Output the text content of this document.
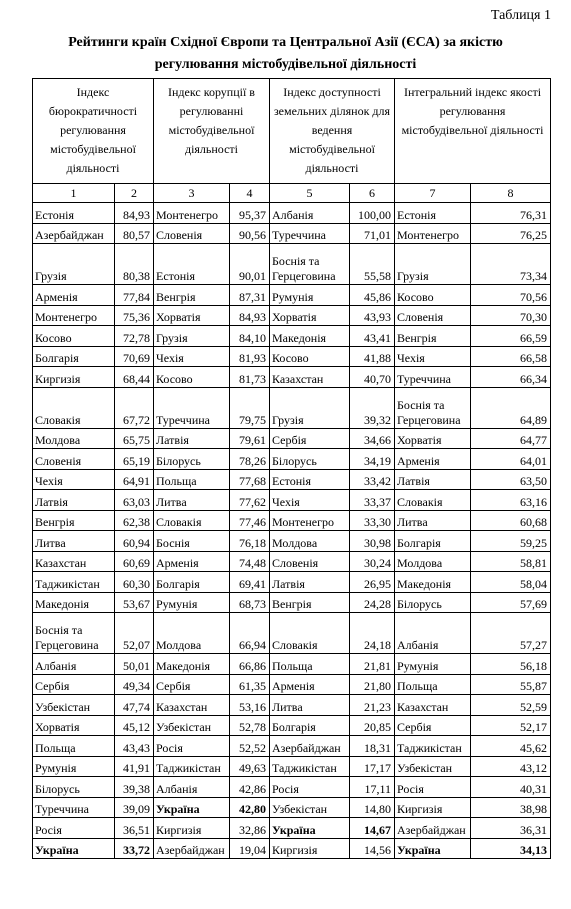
Таблиця 1
Рейтинги країн Східної Європи та Центральної Азії (ЄСА) за якістю
регулювання містобудівельної діяльності
Індекс бюрократичності регулювання містобудівельної діяльності		Індекс корупції в регулюванні містобудівельної діяльності		Індекс доступності земельних ділянок для ведення містобудівельної діяльності		Інтегральний індекс якості регулювання містобудівельної діяльності	
1	2	3	4	5	6	7	8
Естонія	84,93	Монтенегро	95,37	Албанія	100,00	Естонія	76,31
Азербайджан	80,57	Словенія	90,56	Туреччина	71,01	Монтенегро	76,25
Грузія	80,38	Естонія	90,01	Боснія та Герцеговина	55,58	Грузія	73,34
Арменія	77,84	Венгрія	87,31	Румунія	45,86	Косово	70,56
Монтенегро	75,36	Хорватія	84,93	Хорватія	43,93	Словенія	70,30
Косово	72,78	Грузія	84,10	Македонія	43,41	Венгрія	66,59
Болгарія	70,69	Чехія	81,93	Косово	41,88	Чехія	66,58
Киргизія	68,44	Косово	81,73	Казахстан	40,70	Туреччина	66,34
Словакія	67,72	Туреччина	79,75	Грузія	39,32	Боснія та Герцеговина	64,89
Молдова	65,75	Латвія	79,61	Сербія	34,66	Хорватія	64,77
Словенія	65,19	Білорусь	78,26	Білорусь	34,19	Арменія	64,01
Чехія	64,91	Польща	77,68	Естонія	33,42	Латвія	63,50
Латвія	63,03	Литва	77,62	Чехія	33,37	Словакія	63,16
Венгрія	62,38	Словакія	77,46	Монтенегро	33,30	Литва	60,68
Литва	60,94	Боснія	76,18	Молдова	30,98	Болгарія	59,25
Казахстан	60,69	Арменія	74,48	Словенія	30,24	Молдова	58,81
Таджикістан	60,30	Болгарія	69,41	Латвія	26,95	Македонія	58,04
Македонія	53,67	Румунія	68,73	Венгрія	24,28	Білорусь	57,69
Боснія та Герцеговина	52,07	Молдова	66,94	Словакія	24,18	Албанія	57,27
Албанія	50,01	Македонія	66,86	Польща	21,81	Румунія	56,18
Сербія	49,34	Сербія	61,35	Арменія	21,80	Польща	55,87
Узбекістан	47,74	Казахстан	53,16	Литва	21,23	Казахстан	52,59
Хорватія	45,12	Узбекістан	52,78	Болгарія	20,85	Сербія	52,17
Польща	43,43	Росія	52,52	Азербайджан	18,31	Таджикістан	45,62
Румунія	41,91	Таджикістан	49,63	Таджикістан	17,17	Узбекістан	43,12
Білорусь	39,38	Албанія	42,86	Росія	17,11	Росія	40,31
Туреччина	39,09	Україна	42,80	Узбекістан	14,80	Киргизія	38,98
Росія	36,51	Киргизія	32,86	Україна	14,67	Азербайджан	36,31
Україна	33,72	Азербайджан	19,04	Киргизія	14,56	Україна	34,13
